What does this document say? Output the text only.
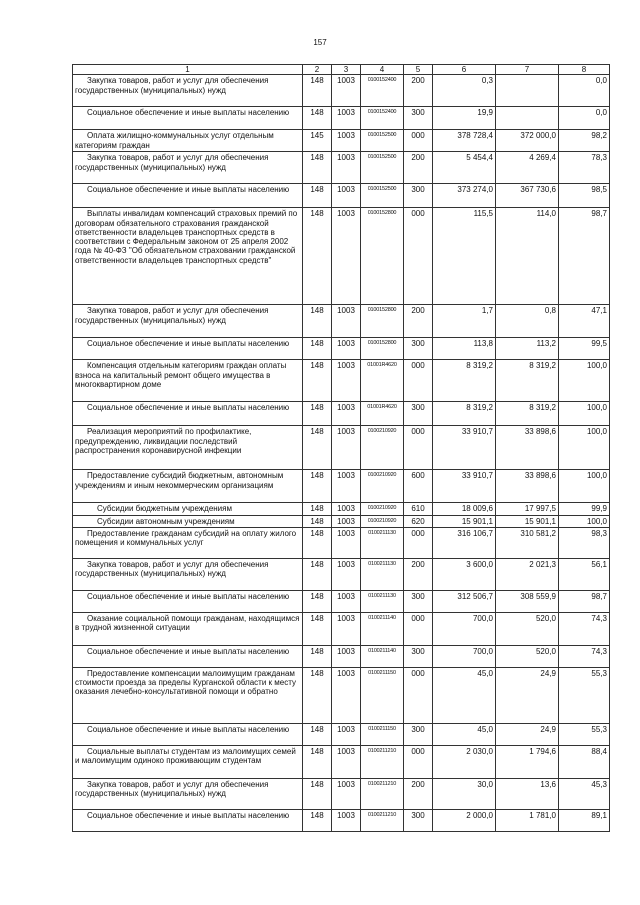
157
1	2	3	4	5	6	7	8
Закупка товаров, работ и услуг для обеспечения государственных (муниципальных) нужд	148	1003	0100152400	200	0,3		0,0
Социальное обеспечение и иные выплаты населению	148	1003	0100152400	300	19,9		0,0
Оплата жилищно-коммунальных услуг отдельным категориям граждан	145	1003	0100152500	000	378 728,4	372 000,0	98,2
Закупка товаров, работ и услуг для обеспечения государственных (муниципальных) нужд	148	1003	0100152500	200	5 454,4	4 269,4	78,3
Социальное обеспечение и иные выплаты населению	148	1003	0100152500	300	373 274,0	367 730,6	98,5
Выплаты инвалидам компенсаций страховых премий по договорам обязательного страхования гражданской ответственности владельцев транспортных средств в соответствии с Федеральным законом от 25 апреля 2002 года № 40-ФЗ "Об обязательном страховании гражданской ответственности владельцев транспортных средств"	148	1003	0100152800	000	115,5	114,0	98,7
Закупка товаров, работ и услуг для обеспечения государственных (муниципальных) нужд	148	1003	0100152800	200	1,7	0,8	47,1
Социальное обеспечение и иные выплаты населению	148	1003	0100152800	300	113,8	113,2	99,5
Компенсация отдельным категориям граждан оплаты взноса на капитальный ремонт общего имущества в многоквартирном доме	148	1003	01001R4620	000	8 319,2	8 319,2	100,0
Социальное обеспечение и иные выплаты населению	148	1003	01001R4620	300	8 319,2	8 319,2	100,0
Реализация мероприятий по профилактике, предупреждению, ликвидации последствий распространения коронавирусной инфекции	148	1003	0100210920	000	33 910,7	33 898,6	100,0
Предоставление субсидий бюджетным, автономным учреждениям и иным некоммерческим организациям	148	1003	0100210920	600	33 910,7	33 898,6	100,0
Субсидии бюджетным учреждениям	148	1003	0100210920	610	18 009,6	17 997,5	99,9
Субсидии автономным учреждениям	148	1003	0100210920	620	15 901,1	15 901,1	100,0
Предоставление гражданам субсидий на оплату жилого помещения и коммунальных услуг	148	1003	0100211130	000	316 106,7	310 581,2	98,3
Закупка товаров, работ и услуг для обеспечения государственных (муниципальных) нужд	148	1003	0100211130	200	3 600,0	2 021,3	56,1
Социальное обеспечение и иные выплаты населению	148	1003	0100211130	300	312 506,7	308 559,9	98,7
Оказание социальной помощи гражданам, находящимся в трудной жизненной ситуации	148	1003	0100211140	000	700,0	520,0	74,3
Социальное обеспечение и иные выплаты населению	148	1003	0100211140	300	700,0	520,0	74,3
Предоставление компенсации малоимущим гражданам стоимости проезда за пределы Курганской области к месту оказания лечебно-консультативной помощи и обратно	148	1003	0100211150	000	45,0	24,9	55,3
Социальное обеспечение и иные выплаты населению	148	1003	0100211150	300	45,0	24,9	55,3
Социальные выплаты студентам из малоимущих семей и малоимущим одиноко проживающим студентам	148	1003	0100211210	000	2 030,0	1 794,6	88,4
Закупка товаров, работ и услуг для обеспечения государственных (муниципальных) нужд	148	1003	0100211210	200	30,0	13,6	45,3
Социальное обеспечение и иные выплаты населению	148	1003	0100211210	300	2 000,0	1 781,0	89,1
